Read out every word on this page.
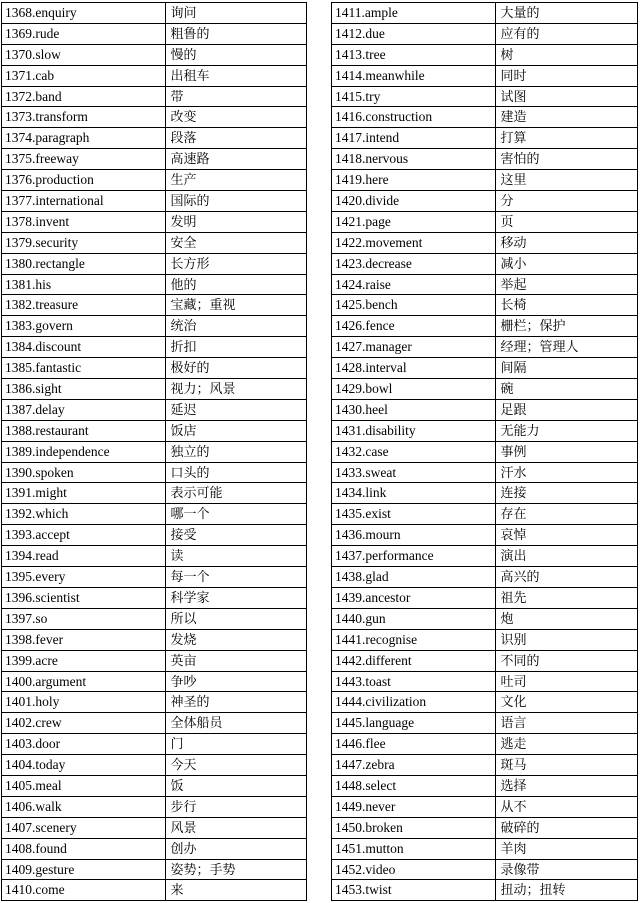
1368.enquiry	询问
1369.rude	粗鲁的
1370.slow	慢的
1371.cab	出租车
1372.band	带
1373.transform	改变
1374.paragraph	段落
1375.freeway	高速路
1376.production	生产
1377.international	国际的
1378.invent	发明
1379.security	安全
1380.rectangle	长方形
1381.his	他的
1382.treasure	宝藏；重视
1383.govern	统治
1384.discount	折扣
1385.fantastic	极好的
1386.sight	视力；风景
1387.delay	延迟
1388.restaurant	饭店
1389.independence	独立的
1390.spoken	口头的
1391.might	表示可能
1392.which	哪一个
1393.accept	接受
1394.read	读
1395.every	每一个
1396.scientist	科学家
1397.so	所以
1398.fever	发烧
1399.acre	英亩
1400.argument	争吵
1401.holy	神圣的
1402.crew	全体船员
1403.door	门
1404.today	今天
1405.meal	饭
1406.walk	步行
1407.scenery	风景
1408.found	创办
1409.gesture	姿势；手势
1410.come	来
1411.ample	大量的
1412.due	应有的
1413.tree	树
1414.meanwhile	同时
1415.try	试图
1416.construction	建造
1417.intend	打算
1418.nervous	害怕的
1419.here	这里
1420.divide	分
1421.page	页
1422.movement	移动
1423.decrease	减小
1424.raise	举起
1425.bench	长椅
1426.fence	栅栏；保护
1427.manager	经理；管理人
1428.interval	间隔
1429.bowl	碗
1430.heel	足跟
1431.disability	无能力
1432.case	事例
1433.sweat	汗水
1434.link	连接
1435.exist	存在
1436.mourn	哀悼
1437.performance	演出
1438.glad	高兴的
1439.ancestor	祖先
1440.gun	炮
1441.recognise	识别
1442.different	不同的
1443.toast	吐司
1444.civilization	文化
1445.language	语言
1446.flee	逃走
1447.zebra	斑马
1448.select	选择
1449.never	从不
1450.broken	破碎的
1451.mutton	羊肉
1452.video	录像带
1453.twist	扭动；扭转
